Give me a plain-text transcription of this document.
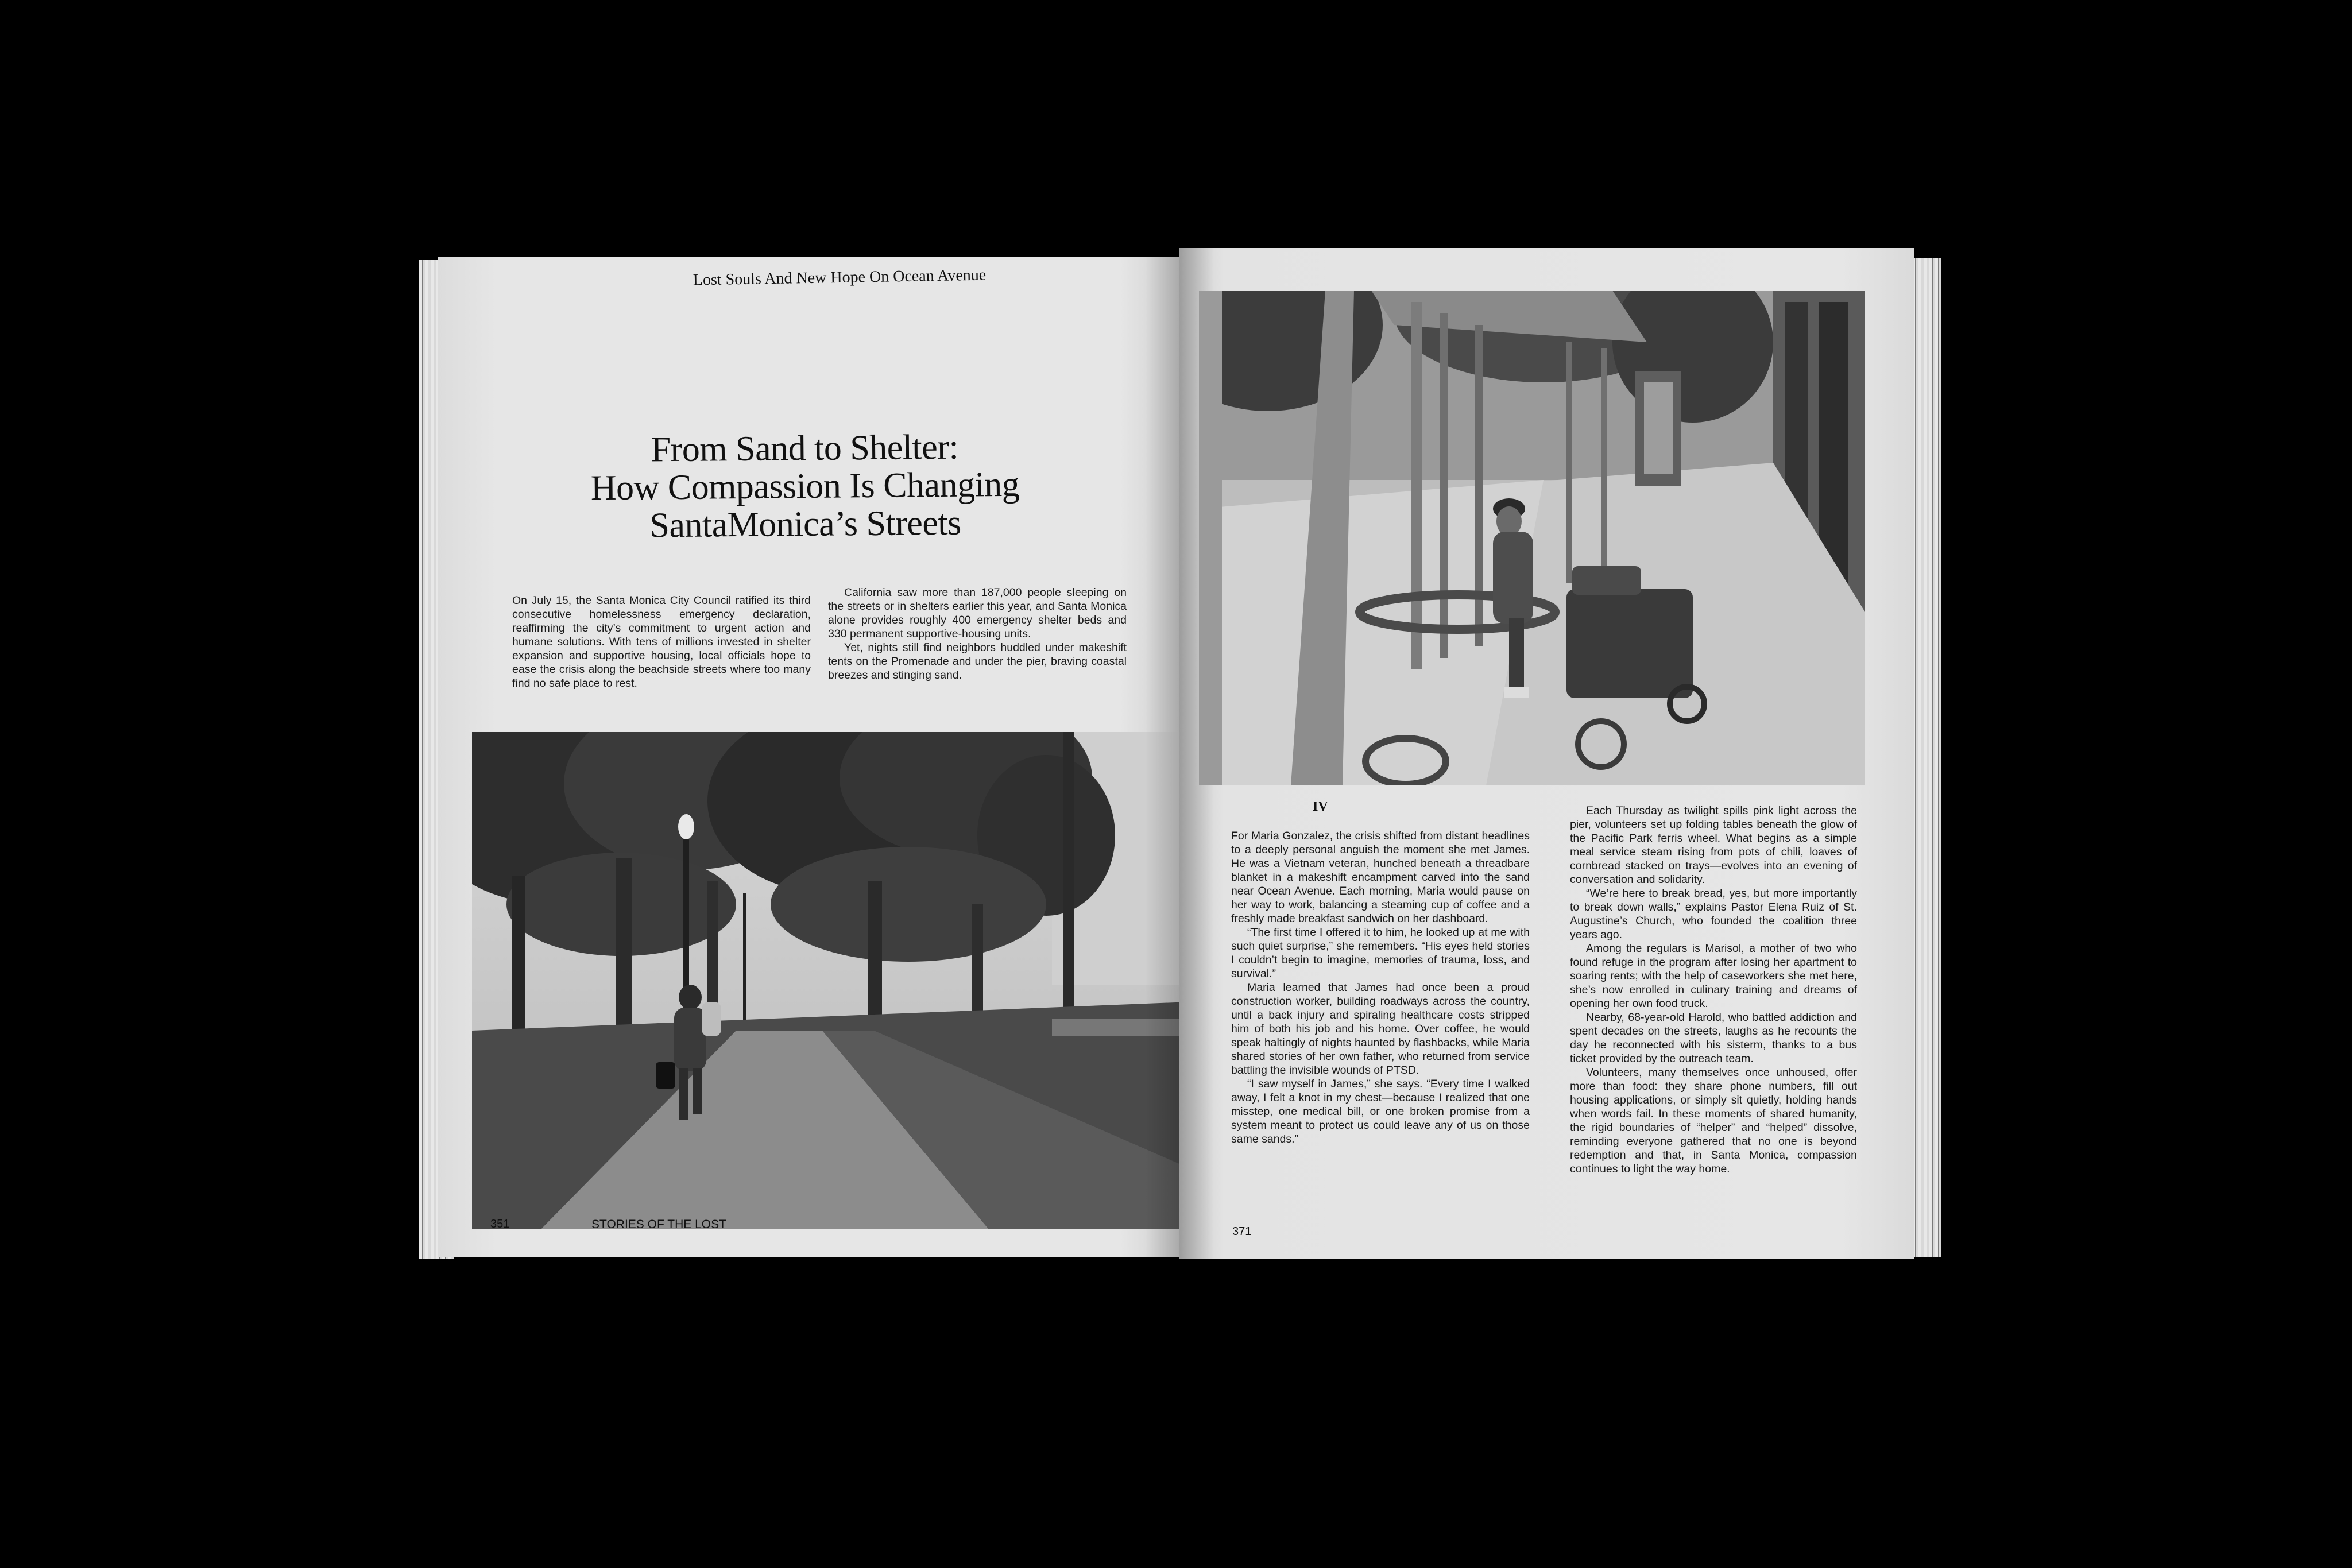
Lost Souls And New Hope On Ocean Avenue
From Sand to Shelter:
How Compassion Is Changing
SantaMonica’s Streets

On July 15, the Santa Monica City Council ratified its third consecutive homelessness emergency declaration, reaffirming the city’s commitment to urgent action and humane solutions. With tens of millions invested in shelter expansion and supportive housing, local officials hope to ease the crisis along the beachside streets where too many find no safe place to rest.

California saw more than 187,000 people sleeping on the streets or in shelters earlier this year, and Santa Monica alone provides roughly 400 emergency shelter beds and 330 permanent supportive-housing units.

Yet, nights still find neighbors huddled under makeshift tents on the Promenade and under the pier, braving coastal breezes and stinging sand.

351	STORIES OF THE LOST
IV

For Maria Gonzalez, the crisis shifted from distant headlines to a deeply personal anguish the moment she met James. He was a Vietnam veteran, hunched beneath a threadbare blanket in a makeshift encampment carved into the sand near Ocean Avenue. Each morning, Maria would pause on her way to work, balancing a steaming cup of coffee and a freshly made breakfast sandwich on her dashboard.

“The first time I offered it to him, he looked up at me with such quiet surprise,” she remembers. “His eyes held stories I couldn’t begin to imagine, memories of trauma, loss, and survival.”

Maria learned that James had once been a proud construction worker, building roadways across the country, until a back injury and spiraling healthcare costs stripped him of both his job and his home. Over coffee, he would speak haltingly of nights haunted by flashbacks, while Maria shared stories of her own father, who returned from service battling the invisible wounds of PTSD.

“I saw myself in James,” she says. “Every time I walked away, I felt a knot in my chest—because I realized that one misstep, one medical bill, or one broken promise from a system meant to protect us could leave any of us on those same sands.”

Each Thursday as twilight spills pink light across the pier, volunteers set up folding tables beneath the glow of the Pacific Park ferris wheel. What begins as a simple meal service steam rising from pots of chili, loaves of cornbread stacked on trays—evolves into an evening of conversation and solidarity.

“We’re here to break bread, yes, but more importantly to break down walls,” explains Pastor Elena Ruiz of St. Augustine’s Church, who founded the coalition three years ago.

Among the regulars is Marisol, a mother of two who found refuge in the program after losing her apartment to soaring rents; with the help of caseworkers she met here, she’s now enrolled in culinary training and dreams of opening her own food truck.

Nearby, 68-year-old Harold, who battled addiction and spent decades on the streets, laughs as he recounts the day he reconnected with his sisterm, thanks to a bus ticket provided by the outreach team.

Volunteers, many themselves once unhoused, offer more than food: they share phone numbers, fill out housing applications, or simply sit quietly, holding hands when words fail. In these moments of shared humanity, the rigid boundaries of “helper” and “helped” dissolve, reminding everyone gathered that no one is beyond redemption and that, in Santa Monica, compassion continues to light the way home.

371
